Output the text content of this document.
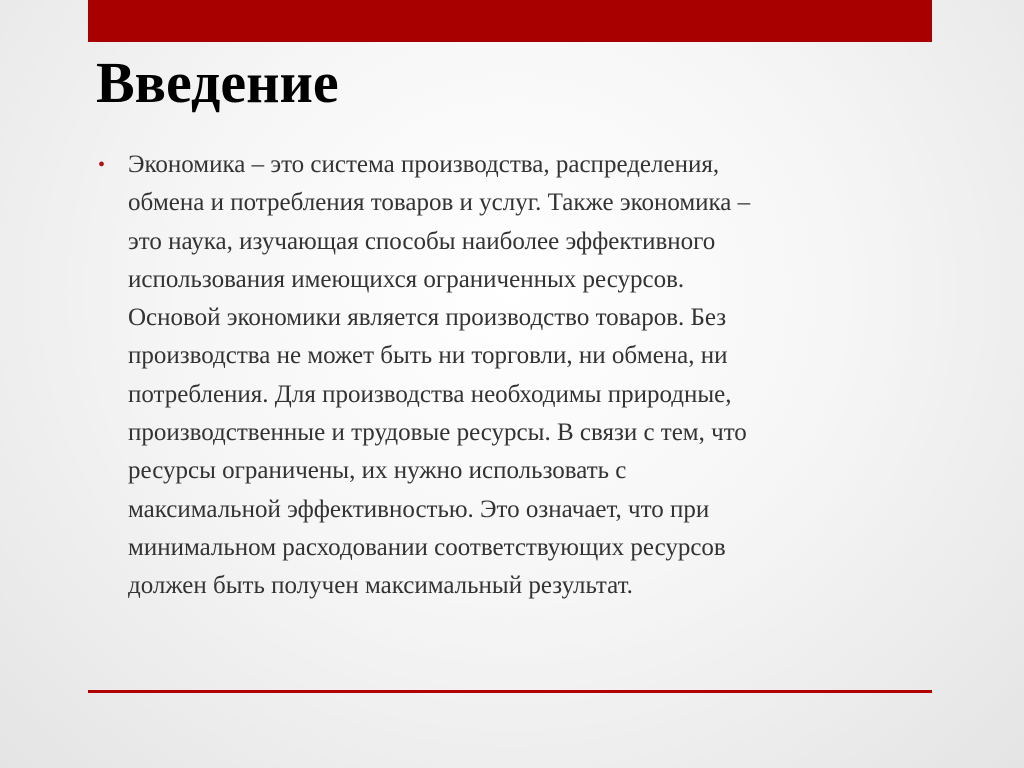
Введение
• Экономика – это система производства, распределения,
обмена и потребления товаров и услуг. Также экономика –
это наука, изучающая способы наиболее эффективного
использования имеющихся ограниченных ресурсов.
Основой экономики является производство товаров. Без
производства не может быть ни торговли, ни обмена, ни
потребления. Для производства необходимы природные,
производственные и трудовые ресурсы. В связи с тем, что
ресурсы ограничены, их нужно использовать с
максимальной эффективностью. Это означает, что при
минимальном расходовании соответствующих ресурсов
должен быть получен максимальный результат.
